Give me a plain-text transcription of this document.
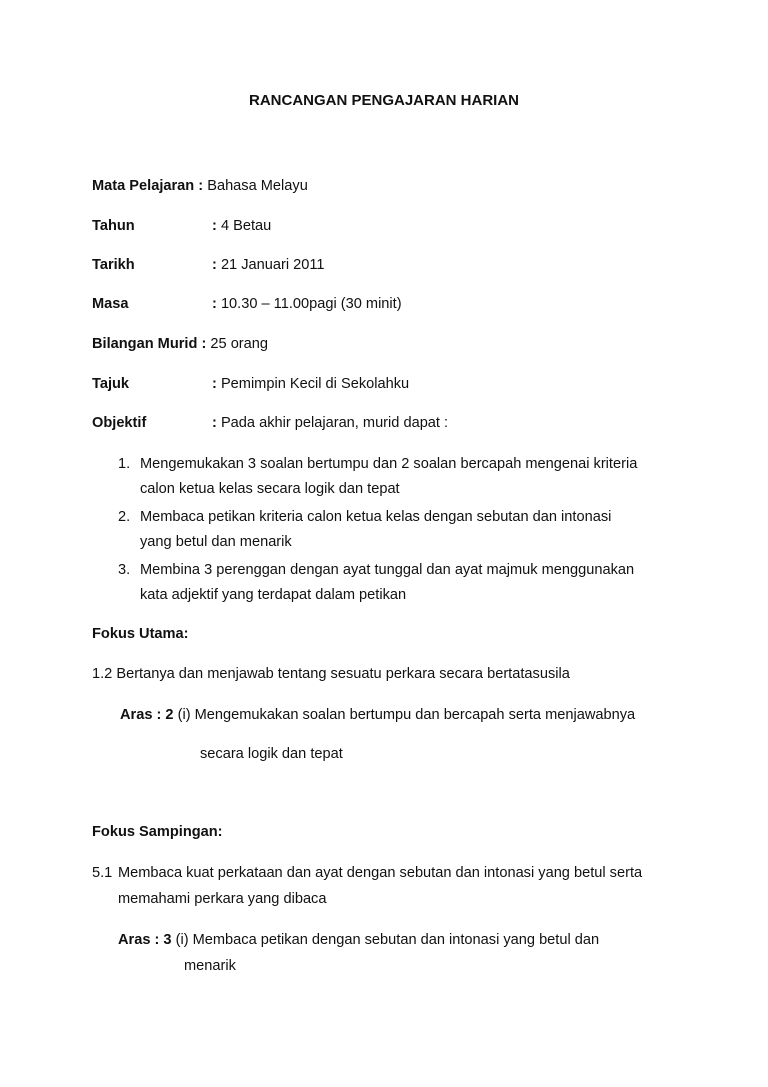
RANCANGAN PENGAJARAN HARIAN
Mata Pelajaran : Bahasa Melayu
Tahun	: 4 Betau
Tarikh	: 21 Januari 2011
Masa	: 10.30 – 11.00pagi (30 minit)
Bilangan Murid : 25 orang
Tajuk	: Pemimpin Kecil di Sekolahku
Objektif	: Pada akhir pelajaran, murid dapat :
1. Mengemukakan 3 soalan bertumpu dan 2 soalan bercapah mengenai kriteria
calon ketua kelas secara logik dan tepat
2. Membaca petikan kriteria calon ketua kelas dengan sebutan dan intonasi
yang betul dan menarik
3. Membina 3 perenggan dengan ayat tunggal dan ayat majmuk menggunakan
kata adjektif yang terdapat dalam petikan
Fokus Utama:
1.2 Bertanya dan menjawab tentang sesuatu perkara secara bertatasusila
Aras : 2 (i) Mengemukakan soalan bertumpu dan bercapah serta menjawabnya
secara logik dan tepat
Fokus Sampingan:
5.1 Membaca kuat perkataan dan ayat dengan sebutan dan intonasi yang betul serta
memahami perkara yang dibaca
Aras : 3 (i) Membaca petikan dengan sebutan dan intonasi yang betul dan
menarik
